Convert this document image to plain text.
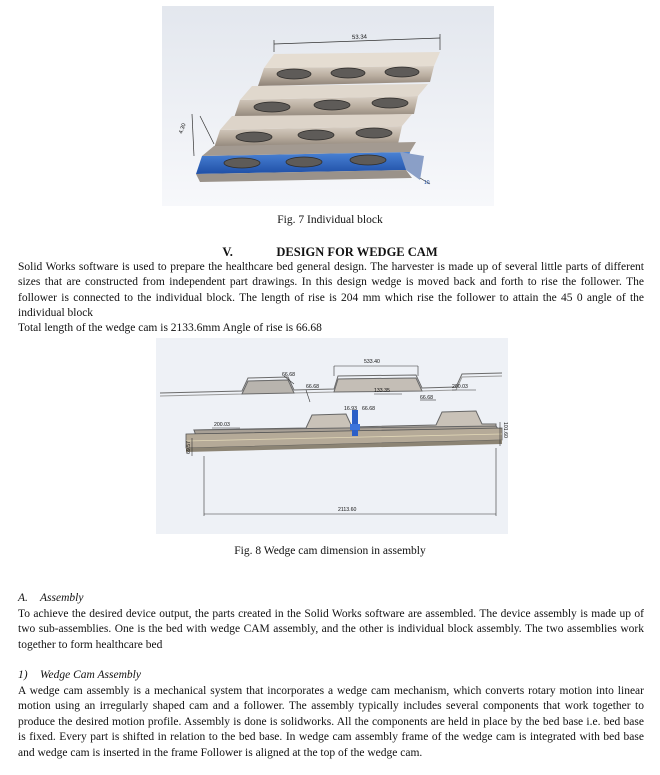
53.34
4.30
10
Fig. 7 Individual block
V.	DESIGN FOR WEDGE CAM
Solid Works software is used to prepare the healthcare bed general design. The harvester is made up of several little parts of different sizes that are constructed from independent part drawings. In this design wedge is moved back and forth to rise the follower. The follower is connected to the individual block. The length of rise is 204 mm which rise the follower to attain the 45 0 angle of the individual block
Total length of the wedge cam is 2133.6mm Angle of rise is 66.68
533.40
66.68
66.68
133.35
200.03
66.68
16.93 66.68
200.03
69.57
2113.60
101.60
Fig. 8 Wedge cam dimension in assembly
A. Assembly
To achieve the desired device output, the parts created in the Solid Works software are assembled. The device assembly is made up of two sub-assemblies. One is the bed with wedge CAM assembly, and the other is individual block assembly. The two assemblies work together to form healthcare bed
1) Wedge Cam Assembly
A wedge cam assembly is a mechanical system that incorporates a wedge cam mechanism, which converts rotary motion into linear motion using an irregularly shaped cam and a follower. The assembly typically includes several components that work together to produce the desired motion profile. Assembly is done is solidworks. All the components are held in place by the bed base i.e. bed base is fixed. Every part is shifted in relation to the bed base. In wedge cam assembly frame of the wedge cam is integrated with bed base and wedge cam is inserted in the frame Follower is aligned at the top of the wedge cam.
